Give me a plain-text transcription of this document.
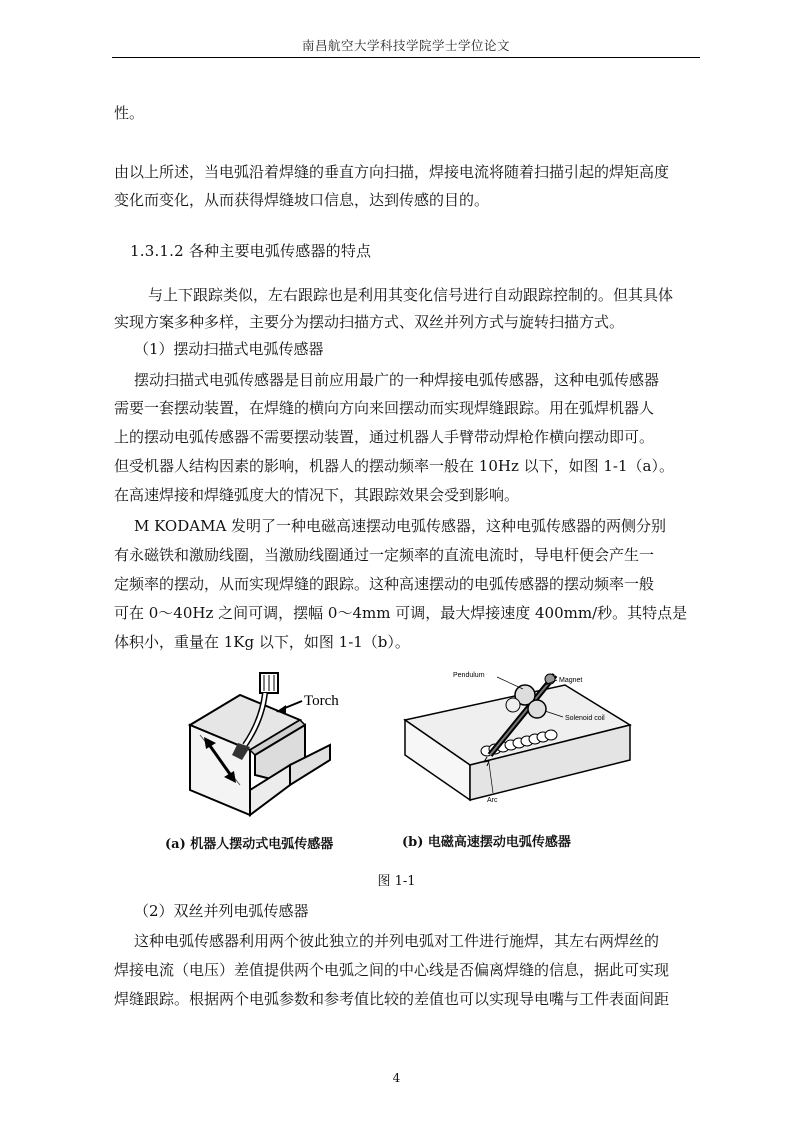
南昌航空大学科技学院学士学位论文
性。
由以上所述，当电弧沿着焊缝的垂直方向扫描，焊接电流将随着扫描引起的焊矩高度
变化而变化，从而获得焊缝坡口信息，达到传感的目的。
1.3.1.2 各种主要电弧传感器的特点
与上下跟踪类似，左右跟踪也是利用其变化信号进行自动跟踪控制的。但其具体
实现方案多种多样，主要分为摆动扫描方式、双丝并列方式与旋转扫描方式。
（1）摆动扫描式电弧传感器
摆动扫描式电弧传感器是目前应用最广的一种焊接电弧传感器，这种电弧传感器
需要一套摆动装置，在焊缝的横向方向来回摆动而实现焊缝跟踪。用在弧焊机器人
上的摆动电弧传感器不需要摆动装置，通过机器人手臂带动焊枪作横向摆动即可。
但受机器人结构因素的影响，机器人的摆动频率一般在 10Hz 以下，如图 1-1（a）。
在高速焊接和焊缝弧度大的情况下，其跟踪效果会受到影响。
M KODAMA 发明了一种电磁高速摆动电弧传感器，这种电弧传感器的两侧分别
有永磁铁和激励线圈，当激励线圈通过一定频率的直流电流时，导电杆便会产生一
定频率的摆动，从而实现焊缝的跟踪。这种高速摆动的电弧传感器的摆动频率一般
可在 0～40Hz 之间可调，摆幅 0～4mm 可调，最大焊接速度 400mm/秒。其特点是
体积小，重量在 1Kg 以下，如图 1-1（b）。
Torch
Pendulum
Magnet
Solenoid coil
Arc
(a) 机器人摆动式电弧传感器	(b) 电磁高速摆动电弧传感器
图 1-1
（2）双丝并列电弧传感器
这种电弧传感器利用两个彼此独立的并列电弧对工件进行施焊，其左右两焊丝的
焊接电流（电压）差值提供两个电弧之间的中心线是否偏离焊缝的信息，据此可实现
焊缝跟踪。根据两个电弧参数和参考值比较的差值也可以实现导电嘴与工件表面间距
4
